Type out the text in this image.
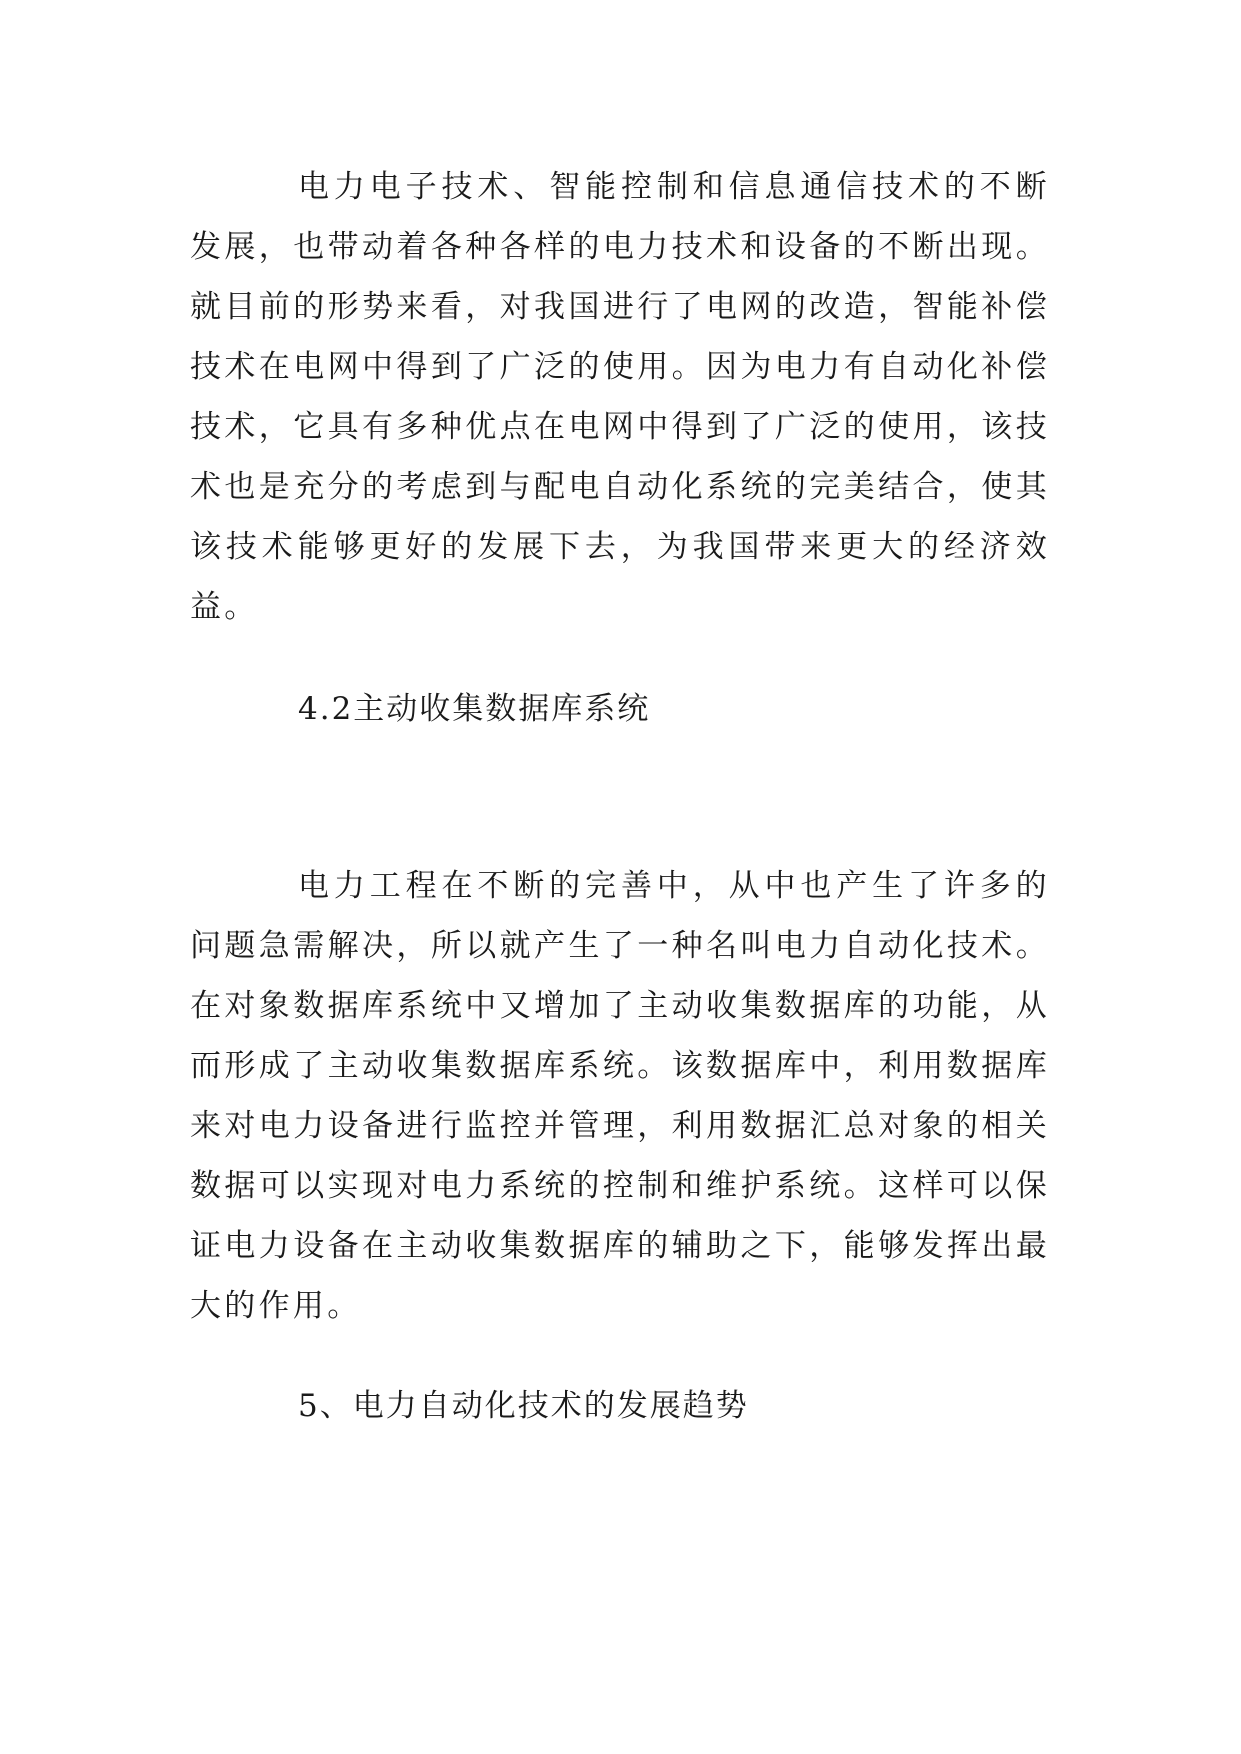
电力电子技术、智能控制和信息通信技术的不断发展，也带动着各种各样的电力技术和设备的不断出现。就目前的形势来看，对我国进行了电网的改造，智能补偿技术在电网中得到了广泛的使用。因为电力有自动化补偿技术，它具有多种优点在电网中得到了广泛的使用，该技术也是充分的考虑到与配电自动化系统的完美结合，使其该技术能够更好的发展下去，为我国带来更大的经济效益。

4.2主动收集数据库系统

电力工程在不断的完善中，从中也产生了许多的问题急需解决，所以就产生了一种名叫电力自动化技术。在对象数据库系统中又增加了主动收集数据库的功能，从而形成了主动收集数据库系统。该数据库中，利用数据库来对电力设备进行监控并管理，利用数据汇总对象的相关数据可以实现对电力系统的控制和维护系统。这样可以保证电力设备在主动收集数据库的辅助之下，能够发挥出最大的作用。

5、电力自动化技术的发展趋势
